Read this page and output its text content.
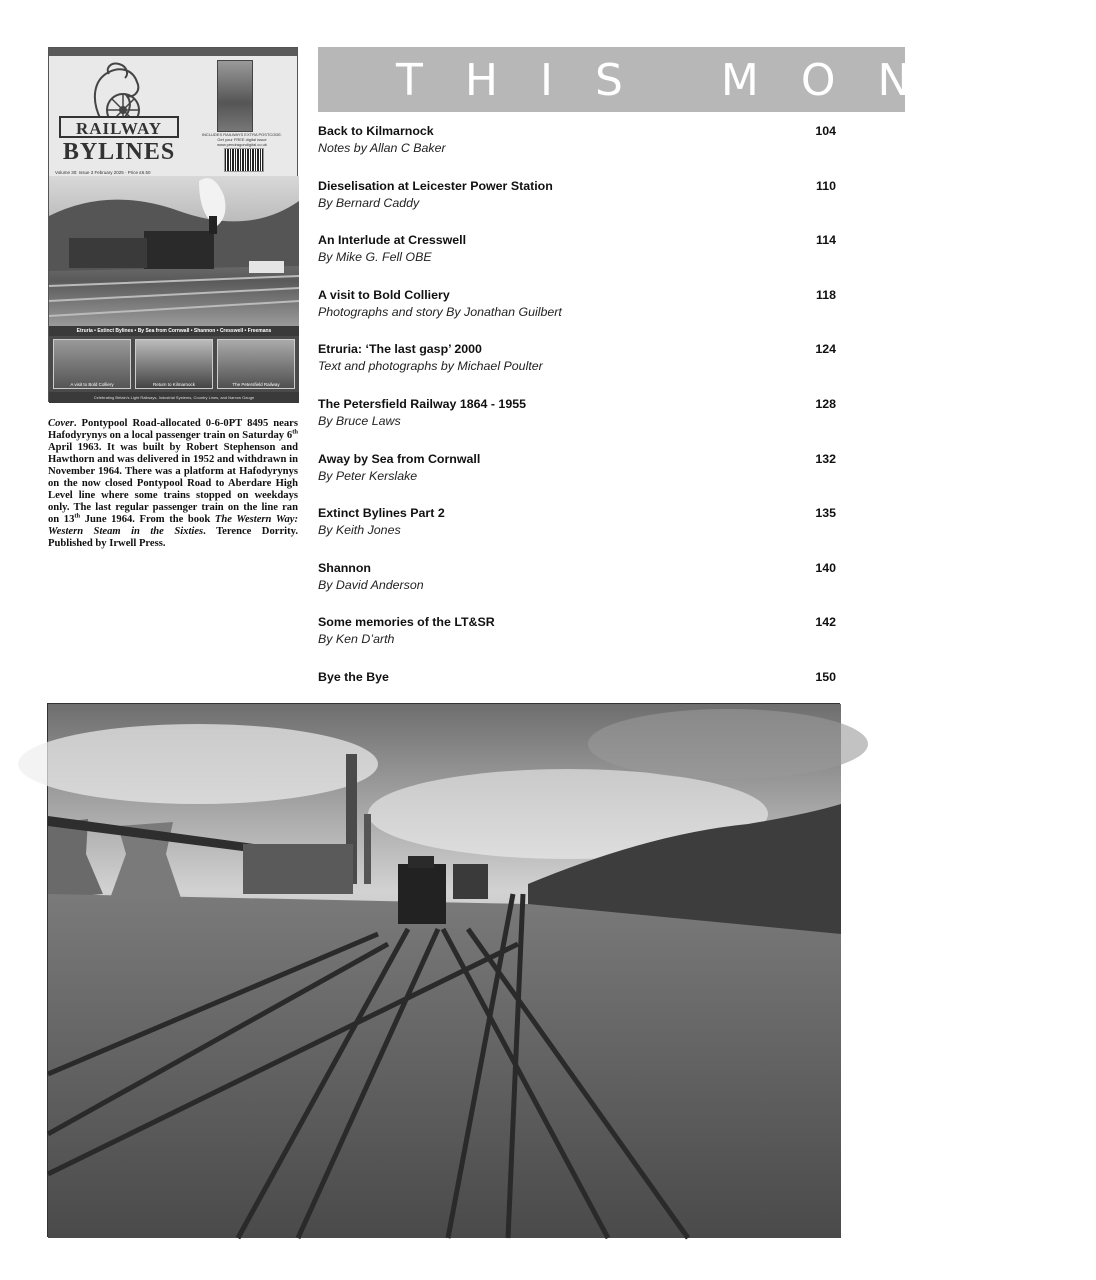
RAILWAY
BYLINES
Volume 30: Issue 3 February 2025 · Price £6.50
INCLUDES RAILWAYS EXTRA POSTCODE. Get your FREE digital issue www.pendragondigital.co.uk
Etruria • Extinct Bylines • By Sea from Cornwall • Shannon • Cresswell • Freemans
A visit to Bold Colliery	Return to Kilmarnock	The Petersfield Railway
Celebrating Britain's Light Railways, Industrial Systems, Country Lines, and Narrow Gauge
Cover. Pontypool Road-allocated 0-6-0PT 8495 nears Hafodyrynys on a local passenger train on Saturday 6th April 1963. It was built by Robert Stephenson and Hawthorn and was delivered in 1952 and withdrawn in November 1964. There was a platform at Hafodyrynys on the now closed Pontypool Road to Aberdare High Level line where some trains stopped on weekdays only. The last regular passenger train on the line ran on 13th June 1964. From the book The Western Way: Western Steam in the Sixties. Terence Dorrity. Published by Irwell Press.
THIS MONTH
Back to Kilmarnock
Notes by Allan C Baker
104
Dieselisation at Leicester Power Station
By Bernard Caddy
110
An Interlude at Cresswell
By Mike G. Fell OBE
114
A visit to Bold Colliery
Photographs and story By Jonathan Guilbert
118
Etruria: ‘The last gasp’ 2000
Text and photographs by Michael Poulter
124
The Petersfield Railway 1864 - 1955
By Bruce Laws
128
Away by Sea from Cornwall
By Peter Kerslake
132
Extinct Bylines Part 2
By Keith Jones
135
Shannon
By David Anderson
140
Some memories of the LT&SR
By Ken D’arth
142
Bye the Bye	150
